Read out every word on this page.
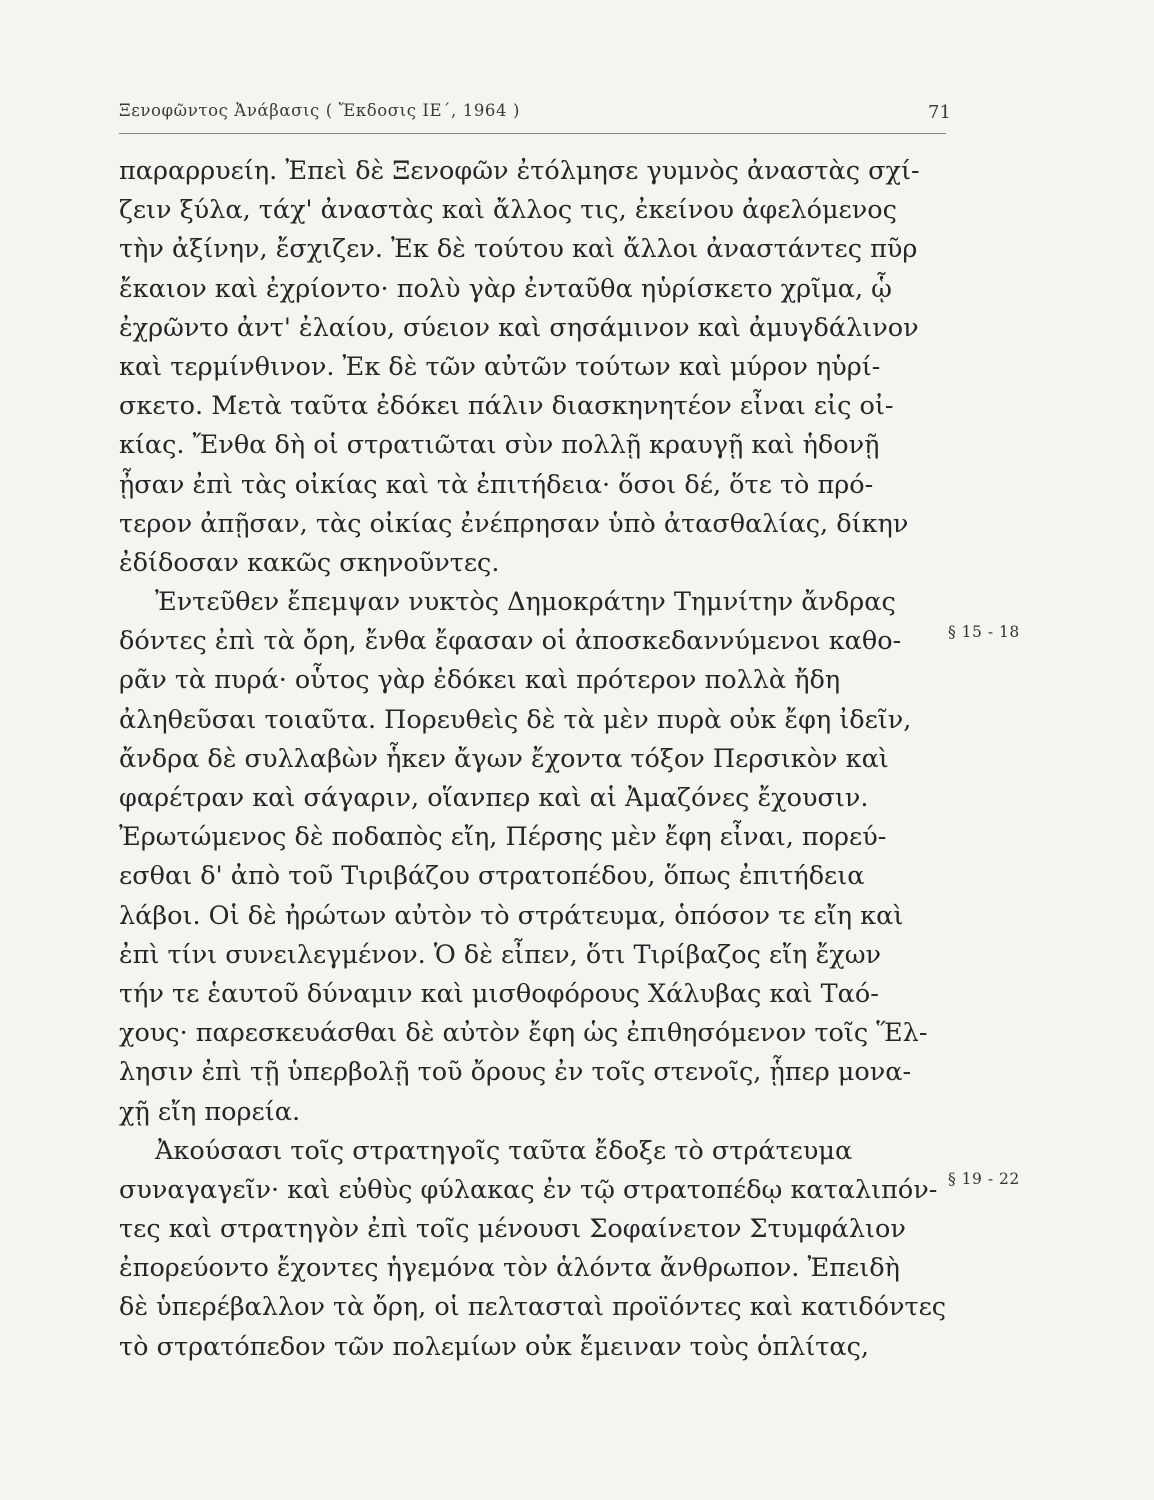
Ξενοφῶντος Ἀνάβασις ( Ἔκδοσις ΙΕ΄, 1964 )	71
παραρρυείη. Ἐπεὶ δὲ Ξενοφῶν ἐτόλμησε γυμνὸς ἀναστὰς σχί-
ζειν ξύλα, τάχ' ἀναστὰς καὶ ἄλλος τις, ἐκείνου ἀφελόμενος
τὴν ἀξίνην, ἔσχιζεν. Ἐκ δὲ τούτου καὶ ἄλλοι ἀναστάντες πῦρ
ἔκαιον καὶ ἐχρίοντο· πολὺ γὰρ ἐνταῦθα ηὑρίσκετο χρῖμα, ᾧ
ἐχρῶντο ἀντ' ἐλαίου, σύειον καὶ σησάμινον καὶ ἀμυγδάλινον
καὶ τερμίνθινον. Ἐκ δὲ τῶν αὐτῶν τούτων καὶ μύρον ηὑρί-
σκετο. Μετὰ ταῦτα ἐδόκει πάλιν διασκηνητέον εἶναι εἰς οἰ-
κίας. Ἔνθα δὴ οἱ στρατιῶται σὺν πολλῇ κραυγῇ καὶ ἡδονῇ
ᾖσαν ἐπὶ τὰς οἰκίας καὶ τὰ ἐπιτήδεια· ὅσοι δέ, ὅτε τὸ πρό-
τερον ἀπῇσαν, τὰς οἰκίας ἐνέπρησαν ὑπὸ ἀτασθαλίας, δίκην
ἐδίδοσαν κακῶς σκηνοῦντες.
Ἐντεῦθεν ἔπεμψαν νυκτὸς Δημοκράτην Τημνίτην ἄνδρας
δόντες ἐπὶ τὰ ὄρη, ἔνθα ἔφασαν οἱ ἀποσκεδαννύμενοι καθο-
ρᾶν τὰ πυρά· οὗτος γὰρ ἐδόκει καὶ πρότερον πολλὰ ἤδη
ἀληθεῦσαι τοιαῦτα. Πορευθεὶς δὲ τὰ μὲν πυρὰ οὐκ ἔφη ἰδεῖν,
ἄνδρα δὲ συλλαβὼν ἧκεν ἄγων ἔχοντα τόξον Περσικὸν καὶ
φαρέτραν καὶ σάγαριν, οἵανπερ καὶ αἱ Ἀμαζόνες ἔχουσιν.
Ἐρωτώμενος δὲ ποδαπὸς εἴη, Πέρσης μὲν ἔφη εἶναι, πορεύ-
εσθαι δ' ἀπὸ τοῦ Τιριβάζου στρατοπέδου, ὅπως ἐπιτήδεια
λάβοι. Οἱ δὲ ἠρώτων αὐτὸν τὸ στράτευμα, ὁπόσον τε εἴη καὶ
ἐπὶ τίνι συνειλεγμένον. Ὁ δὲ εἶπεν, ὅτι Τιρίβαζος εἴη ἔχων
τήν τε ἑαυτοῦ δύναμιν καὶ μισθοφόρους Χάλυβας καὶ Ταό-
χους· παρεσκευάσθαι δὲ αὐτὸν ἔφη ὡς ἐπιθησόμενον τοῖς Ἕλ-
λησιν ἐπὶ τῇ ὑπερβολῇ τοῦ ὄρους ἐν τοῖς στενοῖς, ᾗπερ μονα-
χῇ εἴη πορεία.
Ἀκούσασι τοῖς στρατηγοῖς ταῦτα ἔδοξε τὸ στράτευμα
συναγαγεῖν· καὶ εὐθὺς φύλακας ἐν τῷ στρατοπέδῳ καταλιπόν-
τες καὶ στρατηγὸν ἐπὶ τοῖς μένουσι Σοφαίνετον Στυμφάλιον
ἐπορεύοντο ἔχοντες ἡγεμόνα τὸν ἁλόντα ἄνθρωπον. Ἐπειδὴ
δὲ ὑπερέβαλλον τὰ ὄρη, οἱ πελτασταὶ προϊόντες καὶ κατιδόντες
τὸ στρατόπεδον τῶν πολεμίων οὐκ ἔμειναν τοὺς ὁπλίτας,
§ 15 - 18
§ 19 - 22
